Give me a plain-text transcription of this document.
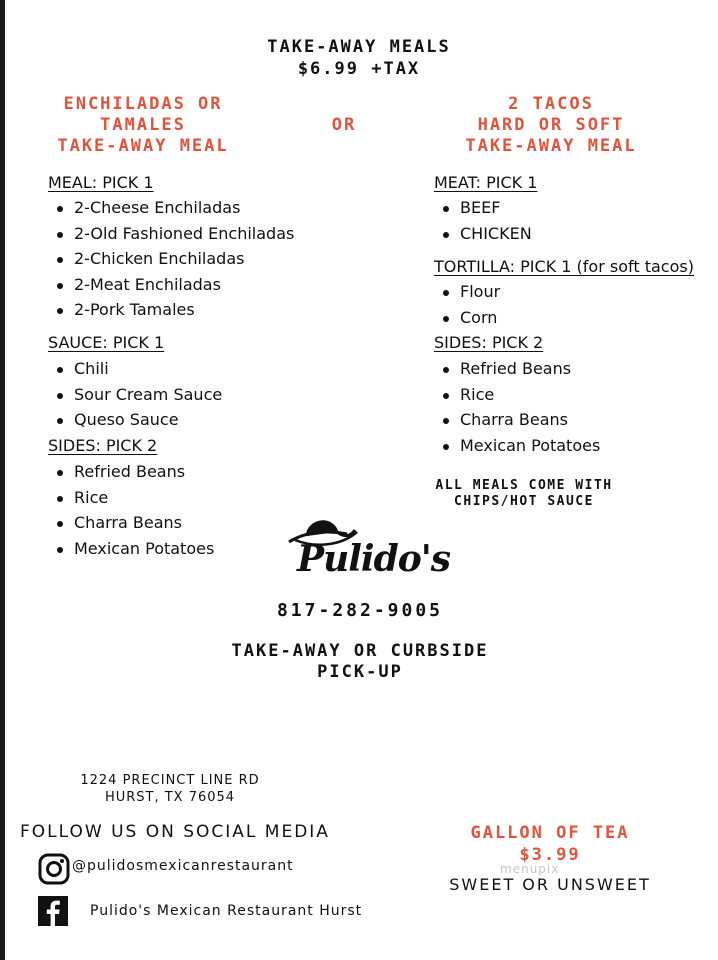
TAKE-AWAY MEALS
$6.99 +TAX
ENCHILADAS OR
TAMALES
TAKE-AWAY MEAL
OR
2 TACOS
HARD OR SOFT
TAKE-AWAY MEAL
MEAL: PICK 1
2-Cheese Enchiladas
2-Old Fashioned Enchiladas
2-Chicken Enchiladas
2-Meat Enchiladas
2-Pork Tamales
SAUCE: PICK 1
Chili
Sour Cream Sauce
Queso Sauce
SIDES: PICK 2
Refried Beans
Rice
Charra Beans
Mexican Potatoes
MEAT: PICK 1
BEEF
CHICKEN
TORTILLA: PICK 1 (for soft tacos)
Flour
Corn
SIDES: PICK 2
Refried Beans
Rice
Charra Beans
Mexican Potatoes
ALL MEALS COME WITH
CHIPS/HOT SAUCE
Pulido's
817-282-9005
TAKE-AWAY OR CURBSIDE
PICK-UP
1224 PRECINCT LINE RD
HURST, TX 76054
FOLLOW US ON SOCIAL MEDIA
@pulidosmexicanrestaurant
Pulido's Mexican Restaurant Hurst
GALLON OF TEA
$3.99
menupix
SWEET OR UNSWEET
